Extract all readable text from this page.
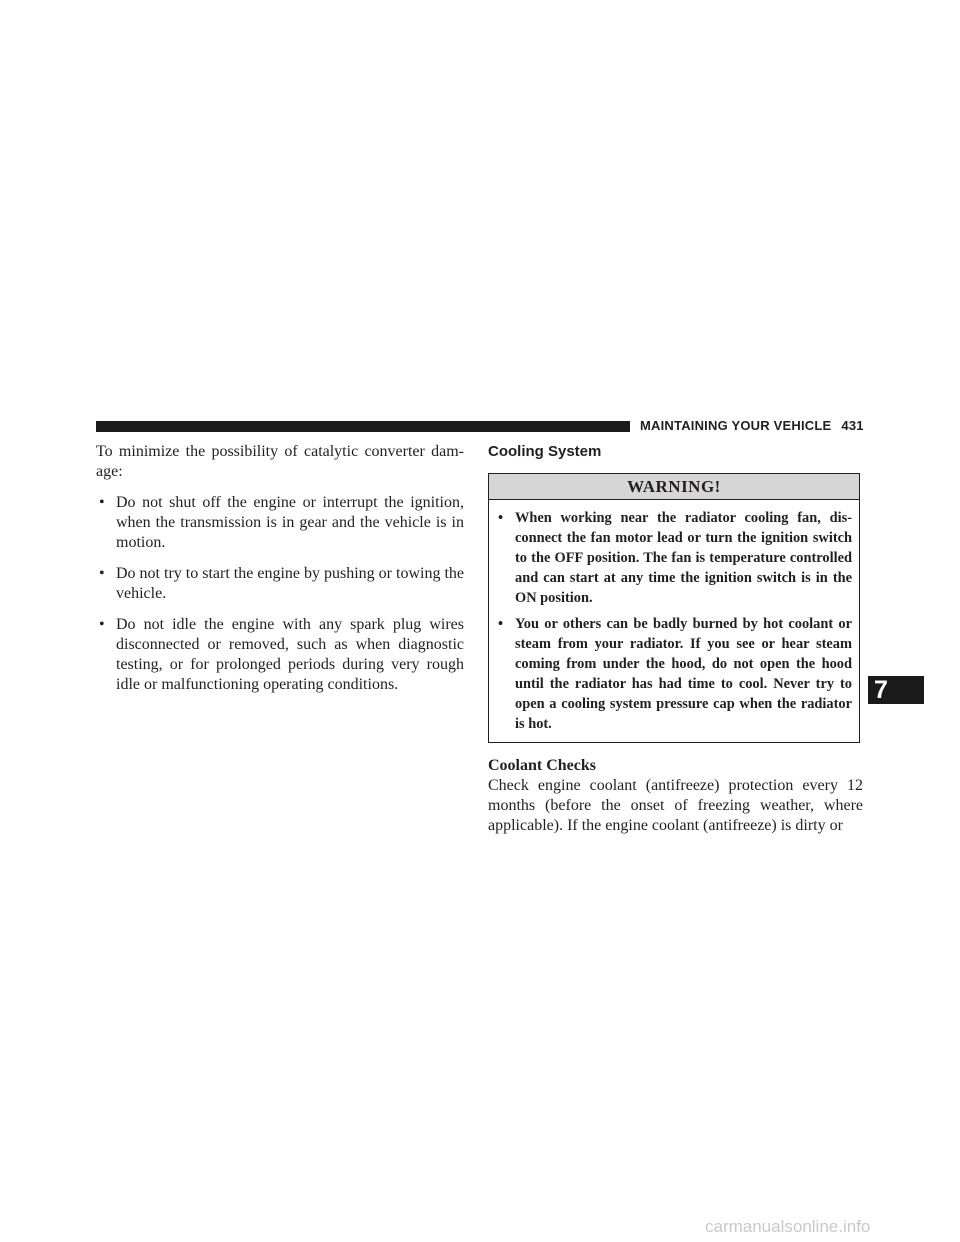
MAINTAINING YOUR VEHICLE 431

To minimize the possibility of catalytic converter dam-age:

• Do not shut off the engine or interrupt the ignition, when the transmission is in gear and the vehicle is in motion.
• Do not try to start the engine by pushing or towing the vehicle.
• Do not idle the engine with any spark plug wires disconnected or removed, such as when diagnostic testing, or for prolonged periods during very rough idle or malfunctioning operating conditions.
Cooling System
WARNING!
• When working near the radiator cooling fan, dis-connect the fan motor lead or turn the ignition switch to the OFF position. The fan is temperature controlled and can start at any time the ignition switch is in the ON position.
• You or others can be badly burned by hot coolant or steam from your radiator. If you see or hear steam coming from under the hood, do not open the hood until the radiator has had time to cool. Never try to open a cooling system pressure cap when the radiator is hot.
Coolant Checks

Check engine coolant (antifreeze) protection every 12 months (before the onset of freezing weather, where applicable). If the engine coolant (antifreeze) is dirty or

7
carmanualsonline.info
